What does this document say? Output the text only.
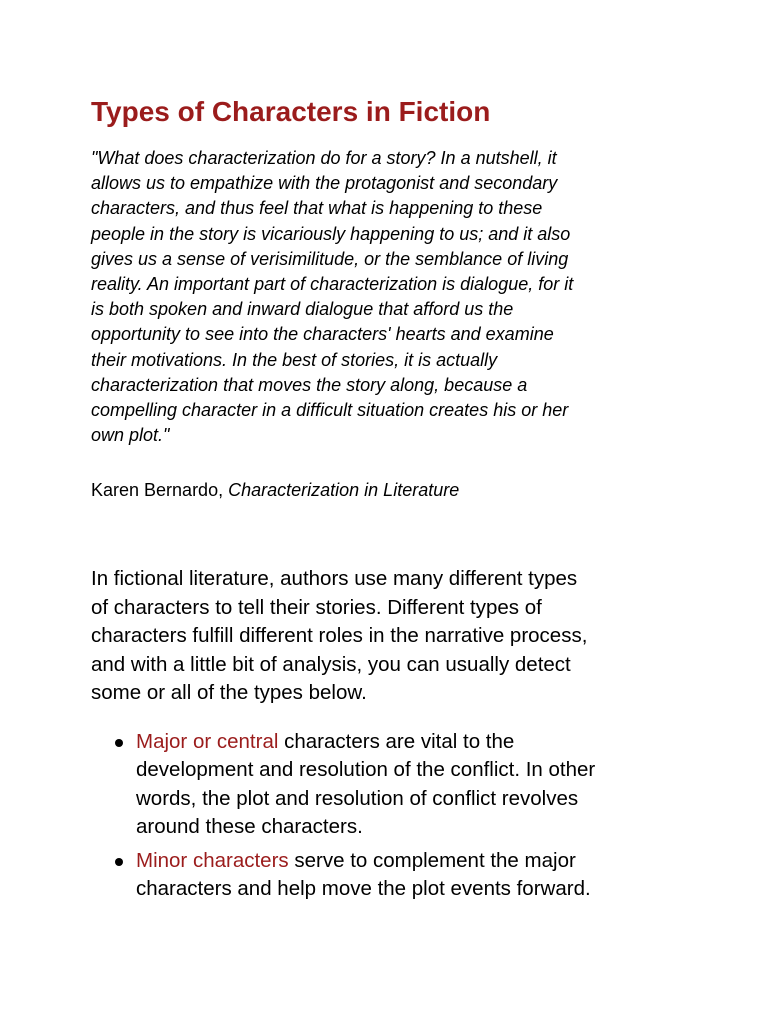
Types of Characters in Fiction
"What does characterization do for a story? In a nutshell, it
allows us to empathize with the protagonist and secondary
characters, and thus feel that what is happening to these
people in the story is vicariously happening to us; and it also
gives us a sense of verisimilitude, or the semblance of living
reality. An important part of characterization is dialogue, for it
is both spoken and inward dialogue that afford us the
opportunity to see into the characters' hearts and examine
their motivations. In the best of stories, it is actually
characterization that moves the story along, because a
compelling character in a difficult situation creates his or her
own plot."
Karen Bernardo, Characterization in Literature
In fictional literature, authors use many different types
of characters to tell their stories. Different types of
characters fulfill different roles in the narrative process,
and with a little bit of analysis, you can usually detect
some or all of the types below.
Major or central characters are vital to the
development and resolution of the conflict. In other
words, the plot and resolution of conflict revolves
around these characters.
Minor characters serve to complement the major
characters and help move the plot events forward.
